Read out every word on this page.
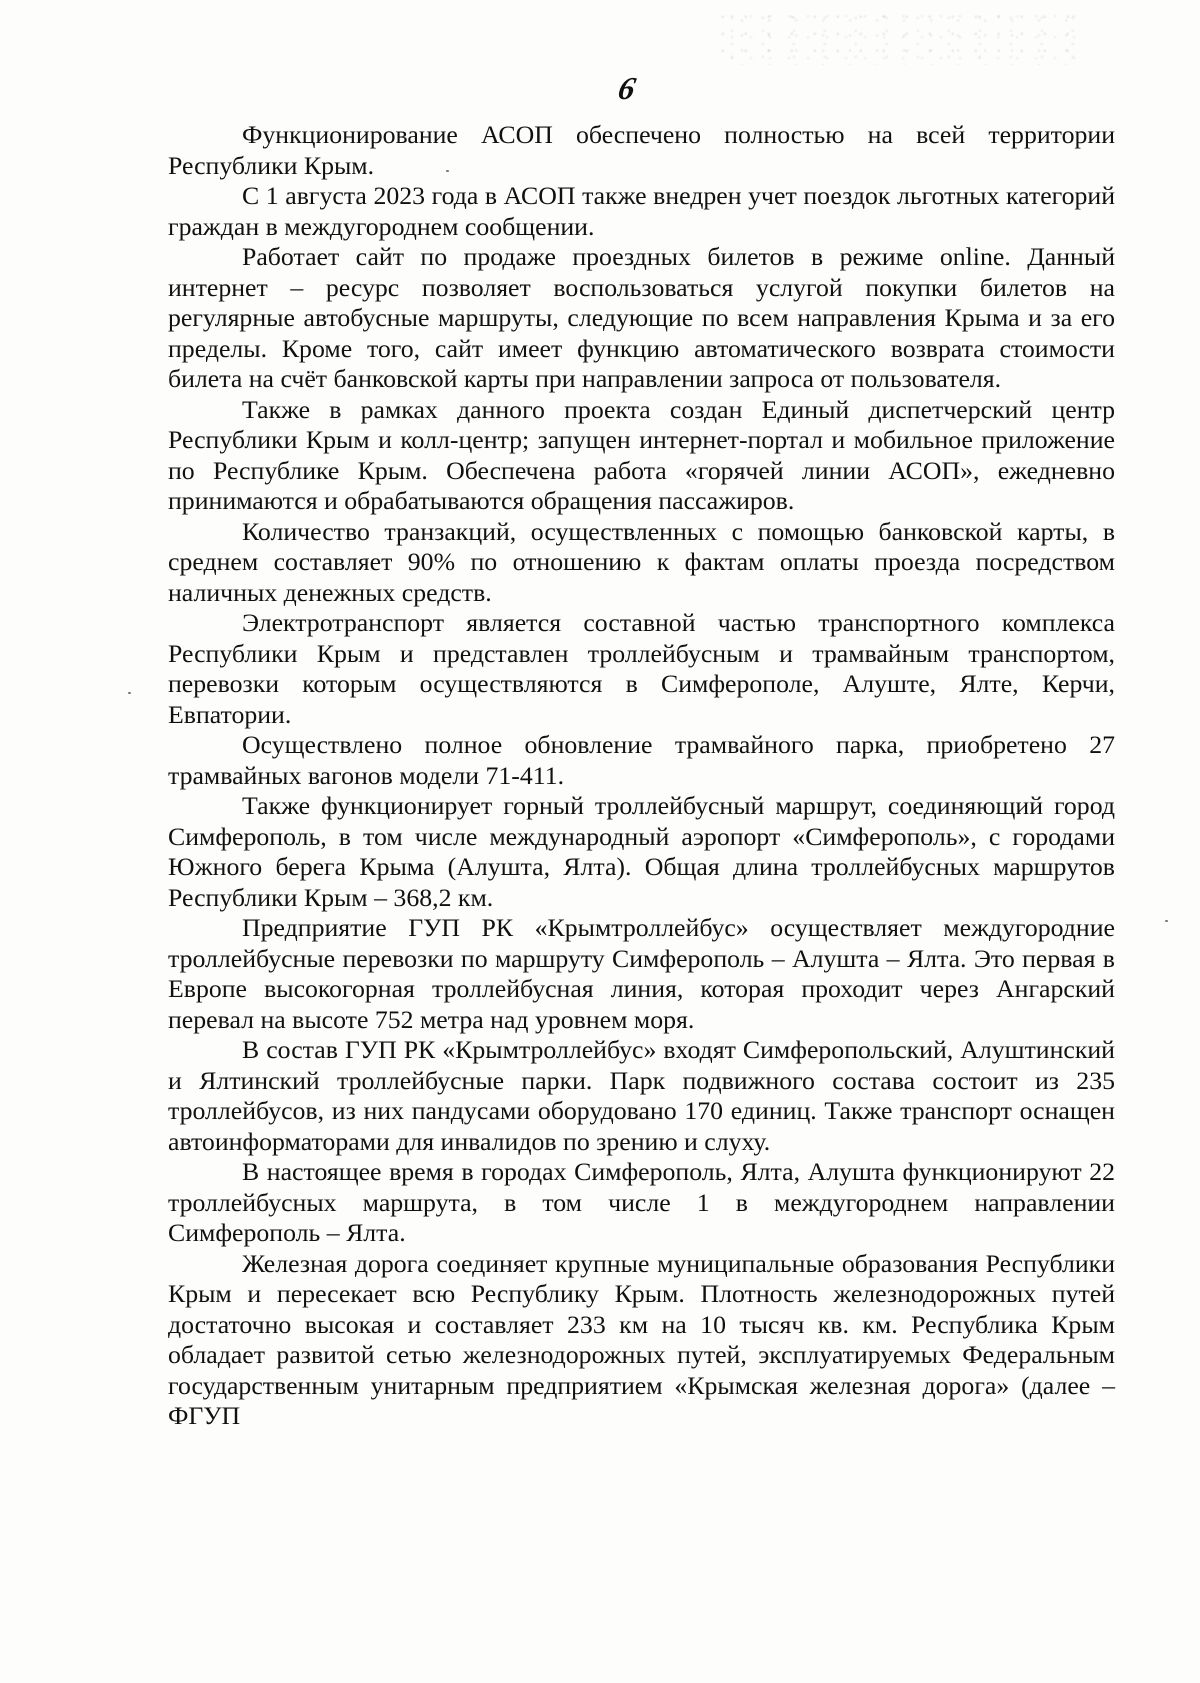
6

Функционирование АСОП обеспечено полностью на всей территории Республики Крым.

С 1 августа 2023 года в АСОП также внедрен учет поездок льготных категорий граждан в междугороднем сообщении.

Работает сайт по продаже проездных билетов в режиме online. Данный интернет – ресурс позволяет воспользоваться услугой покупки билетов на регулярные автобусные маршруты, следующие по всем направления Крыма и за его пределы. Кроме того, сайт имеет функцию автоматического возврата стоимости билета на счёт банковской карты при направлении запроса от пользователя.

Также в рамках данного проекта создан Единый диспетчерский центр Республики Крым и колл-центр; запущен интернет-портал и мобильное приложение по Республике Крым. Обеспечена работа «горячей линии АСОП», ежедневно принимаются и обрабатываются обращения пассажиров.

Количество транзакций, осуществленных с помощью банковской карты, в среднем составляет 90% по отношению к фактам оплаты проезда посредством наличных денежных средств.

Электротранспорт является составной частью транспортного комплекса Республики Крым и представлен троллейбусным и трамвайным транспортом, перевозки которым осуществляются в Симферополе, Алуште, Ялте, Керчи, Евпатории.

Осуществлено полное обновление трамвайного парка, приобретено 27 трамвайных вагонов модели 71-411.

Также функционирует горный троллейбусный маршрут, соединяющий город Симферополь, в том числе международный аэропорт «Симферополь», с городами Южного берега Крыма (Алушта, Ялта). Общая длина троллейбусных маршрутов Республики Крым – 368,2 км.

Предприятие ГУП РК «Крымтроллейбус» осуществляет междугородние троллейбусные перевозки по маршруту Симферополь – Алушта – Ялта. Это первая в Европе высокогорная троллейбусная линия, которая проходит через Ангарский перевал на высоте 752 метра над уровнем моря.

В состав ГУП РК «Крымтроллейбус» входят Симферопольский, Алуштинский и Ялтинский троллейбусные парки. Парк подвижного состава состоит из 235 троллейбусов, из них пандусами оборудовано 170 единиц. Также транспорт оснащен автоинформаторами для инвалидов по зрению и слуху.

В настоящее время в городах Симферополь, Ялта, Алушта функционируют 22 троллейбусных маршрута, в том числе 1 в междугороднем направлении Симферополь – Ялта.

Железная дорога соединяет крупные муниципальные образования Республики Крым и пересекает всю Республику Крым. Плотность железнодорожных путей достаточно высокая и составляет 233 км на 10 тысяч кв. км. Республика Крым обладает развитой сетью железнодорожных путей, эксплуатируемых Федеральным государственным унитарным предприятием «Крымская железная дорога» (далее – ФГУП
